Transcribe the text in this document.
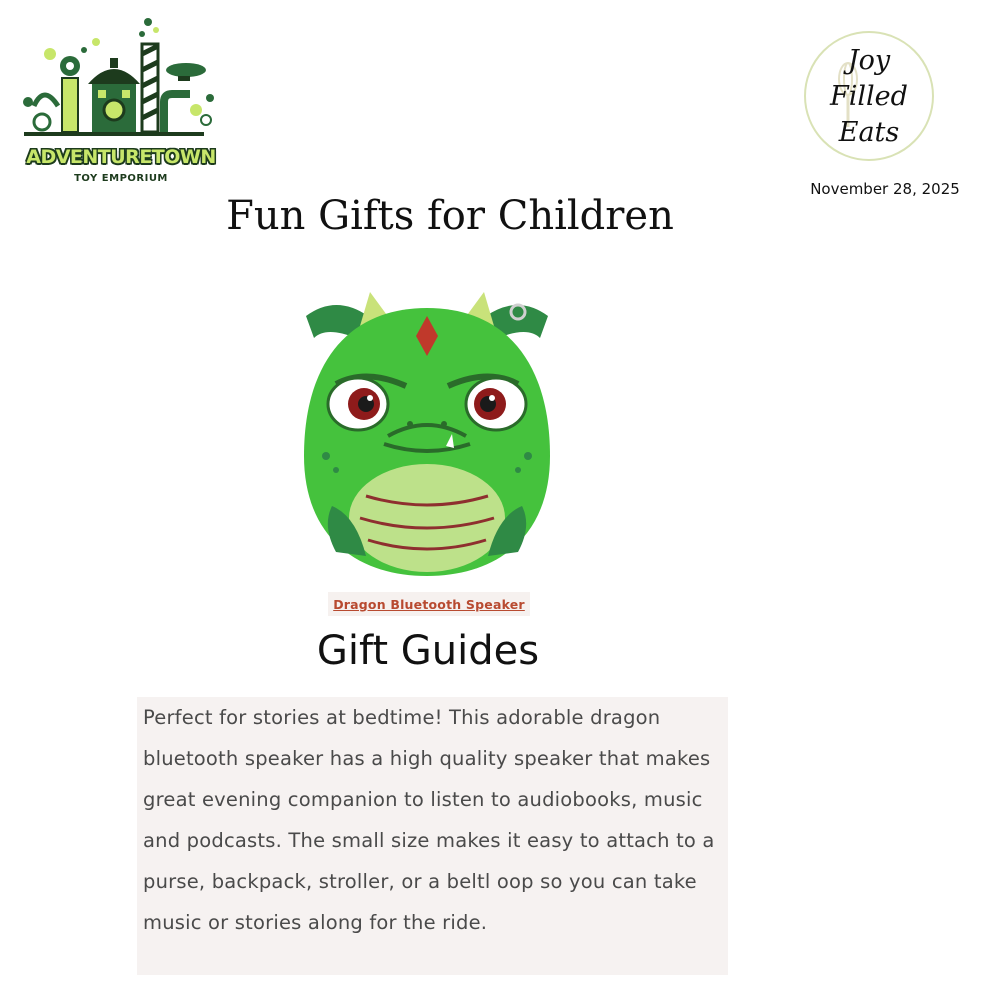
ADVENTURETOWN
TOY EMPORIUM
Joy
Filled
Eats
November 28, 2025
Fun Gifts for Children
Dragon Bluetooth Speaker
Gift Guides

Perfect for stories at bedtime! This adorable dragon bluetooth speaker has a high quality speaker that makes great evening companion to listen to audiobooks, music and podcasts. The small size makes it easy to attach to a purse, backpack, stroller, or a beltl oop so you can take music or stories along for the ride.
